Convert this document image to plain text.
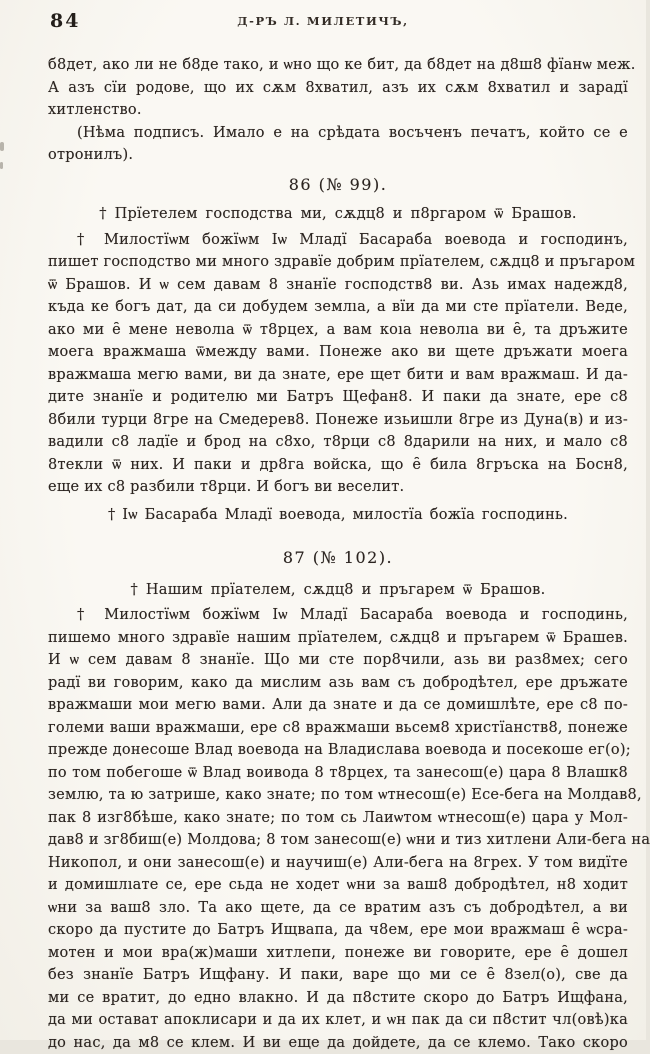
84	Д-РЪ Л. МИЛЕТИЧЪ,
б8дет, ако ли не б8де тако, и ѡно що ке бит, да б8дет на д8ш8 фїанѡ меж.
А азъ сїи родове, що их сѫм 8хватил, азъ их сѫм 8хватил и зарадї
хитленство.
(Нѣма подписъ. Имало е на срѣдата восъченъ печатъ, който се е
отронилъ).
86 (№ 99).
† Прїетелем господства ми, сѫдц8 и п8ргаром ѿ Брашов.
† Милостїѡм божїѡм Іѡ Младї Басараба воевода и господинъ,
пишет господство ми много здравїе добрим прїателем, сѫдц8 и пръгаром
ѿ Брашов. И ѡ сем давам 8 знанїе господств8 ви. Азь имах надежд8,
къда ке богъ дат, да си добудем землıа, а вїи да ми сте прїатели. Веде,
ако ми е̑ мене неволıа ѿ т8рцех, а вам коıа неволıа ви е̑, та дръжите
моега вражмаша ѿмежду вами. Понеже ако ви щете дръжати моега
вражмаша мегю вами, ви да знате, ере щет бити и вам вражмаш. И да-
дите знанїе и родителю ми Батръ Щефан8. И паки да знате, ере с8
8били турци 8гре на Смедерев8. Понеже изьишли 8гре из Дуна(в) и из-
вадили с8 ладїе и брод на с8хо, т8рци с8 8дарили на них, и мало с8
8текли ѿ них. И паки и др8га войска, що е̑ била 8гръска на Босн8,
еще их с8 разбили т8рци. И богъ ви веселит.
† Іѡ Басараба Младї воевода, милостїа божїа господинь.
87 (№ 102).
† Нашим прїателем, сѫдц8 и пръгарем ѿ Брашов.
† Милостїѡм божїѡм Іѡ Младї Басараба воевода и господинь,
пишемо много здравїе нашим прїателем, сѫдц8 и пръгарем ѿ Брашев.
И ѡ сем давам 8 знанїе. Що ми сте пор8чили, азь ви раз8мех; сего
радї ви говорим, како да мислим азь вам съ добродѣтел, ере дръжате
вражмаши мои мегю вами. Али да знате и да се домишлѣте, ере с8 по-
големи ваши вражмаши, ере с8 вражмаши вьсем8 христїанств8, понеже
прежде донесоше Влад воевода на Владислава воевода и посекоше ег(о);
по том побегоше ѿ Влад воивода 8 т8рцех, та занесош(е) цара 8 Влашк8
землю, та ю затрише, како знате; по том ѡтнесош(е) Есе-бега на Молдав8,
пак 8 изг8бѣше, како знате; по том сь Лаиѡтом ѡтнесош(е) цара у Мол-
дав8 и зг8биш(е) Молдова; 8 том занесош(е) ѡни и тиз хитлени Али-бега на
Никопол, и они занесош(е) и научиш(е) Али-бега на 8грех. У том видїте
и домишлıате се, ере сьда не ходет ѡни за ваш8 добродѣтел, н8 ходит
ѡни за ваш8 зло. Та ако щете, да се вратим азъ съ добродѣтел, а ви
скоро да пустите до Батръ Ищвапа, да ч8ем, ере мои вражмаш е̑ ѡсра-
мотен и мои вра(ж)маши хитлепи, понеже ви говорите, ере е̑ дошел
без знанїе Батръ Ищфану. И паки, варе що ми се е̑ 8зел(о), све да
ми се вратит, до едно влакно. И да п8стите скоро до Батръ Ищфана,
да ми остават апоклисари и да их клет, и ѡн пак да си п8стит чл(овѣ)ка
до нас, да м8 се клем. И ви еще да дойдете, да се клемо. Тако скоро
